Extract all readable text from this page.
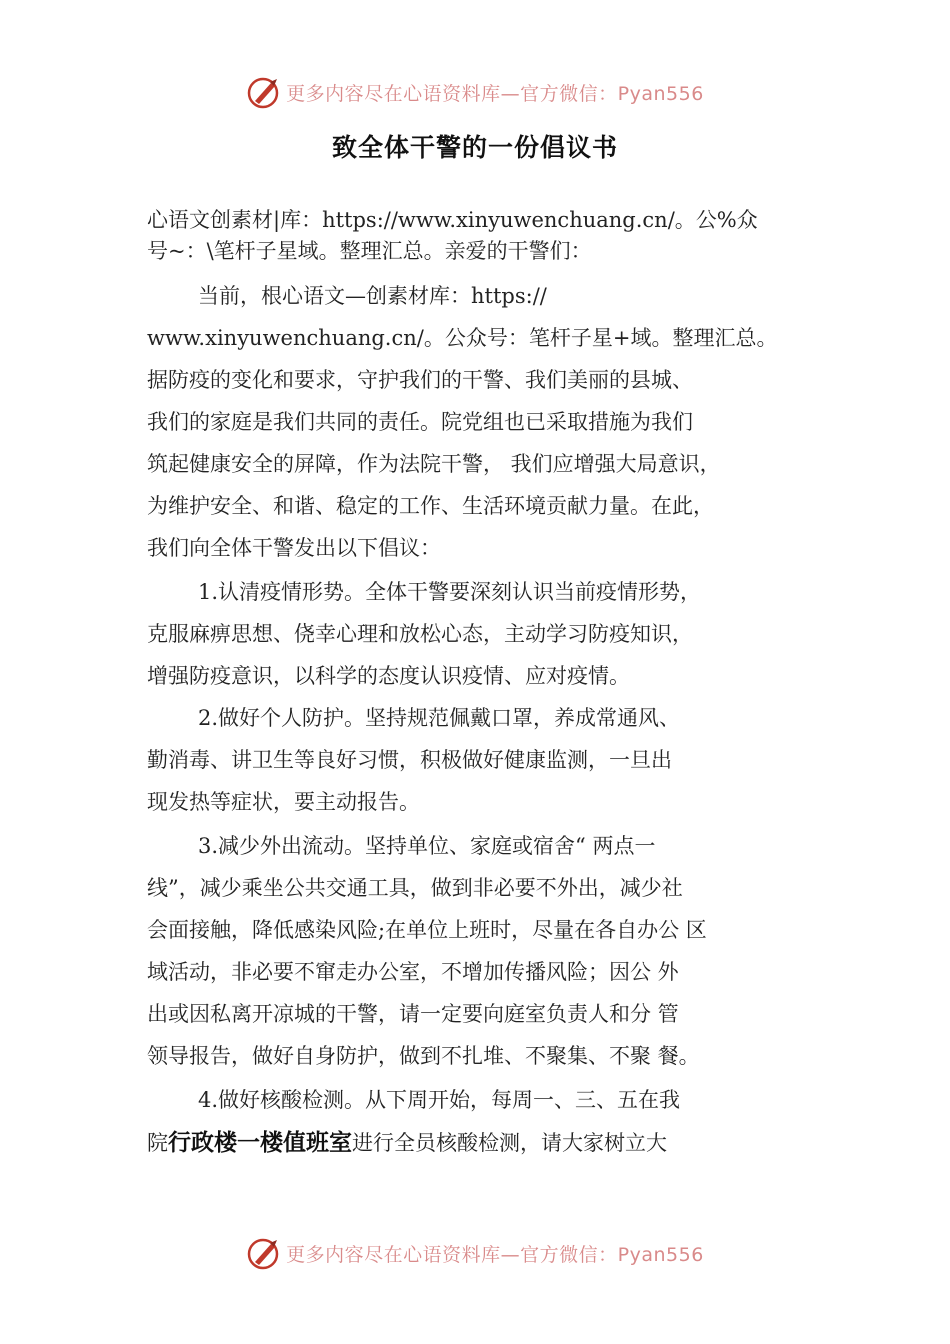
更多内容尽在心语资料库—官方微信：Pyan556
致全体干警的一份倡议书
心语文创素材|库：https://www.xinyuwenchuang.cn/。公%众
号~：\笔杆子星域。整理汇总。亲爱的干警们：
当前，根心语文—创素材库：https://
www.xinyuwenchuang.cn/。公众号：笔杆子星+域。整理汇总。
据防疫的变化和要求，守护我们的干警、我们美丽的县城、
我们的家庭是我们共同的责任。院党组也已采取措施为我们
筑起健康安全的屏障，作为法院干警， 我们应增强大局意识，
为维护安全、和谐、稳定的工作、生活环境贡献力量。在此，
我们向全体干警发出以下倡议：
1.认清疫情形势。全体干警要深刻认识当前疫情形势，
克服麻痹思想、侥幸心理和放松心态，主动学习防疫知识，
增强防疫意识，以科学的态度认识疫情、应对疫情。
2.做好个人防护。坚持规范佩戴口罩，养成常通风、
勤消毒、讲卫生等良好习惯，积极做好健康监测，一旦出
现发热等症状，要主动报告。
3.减少外出流动。坚持单位、家庭或宿舍“ 两点一
线”，减少乘坐公共交通工具，做到非必要不外出，减少社
会面接触，降低感染风险;在单位上班时，尽量在各自办公 区
域活动，非必要不窜走办公室，不增加传播风险；因公 外
出或因私离开凉城的干警，请一定要向庭室负责人和分 管
领导报告，做好自身防护，做到不扎堆、不聚集、不聚 餐。
4.做好核酸检测。从下周开始，每周一、三、五在我
院行政楼一楼值班室进行全员核酸检测，请大家树立大
更多内容尽在心语资料库—官方微信：Pyan556
